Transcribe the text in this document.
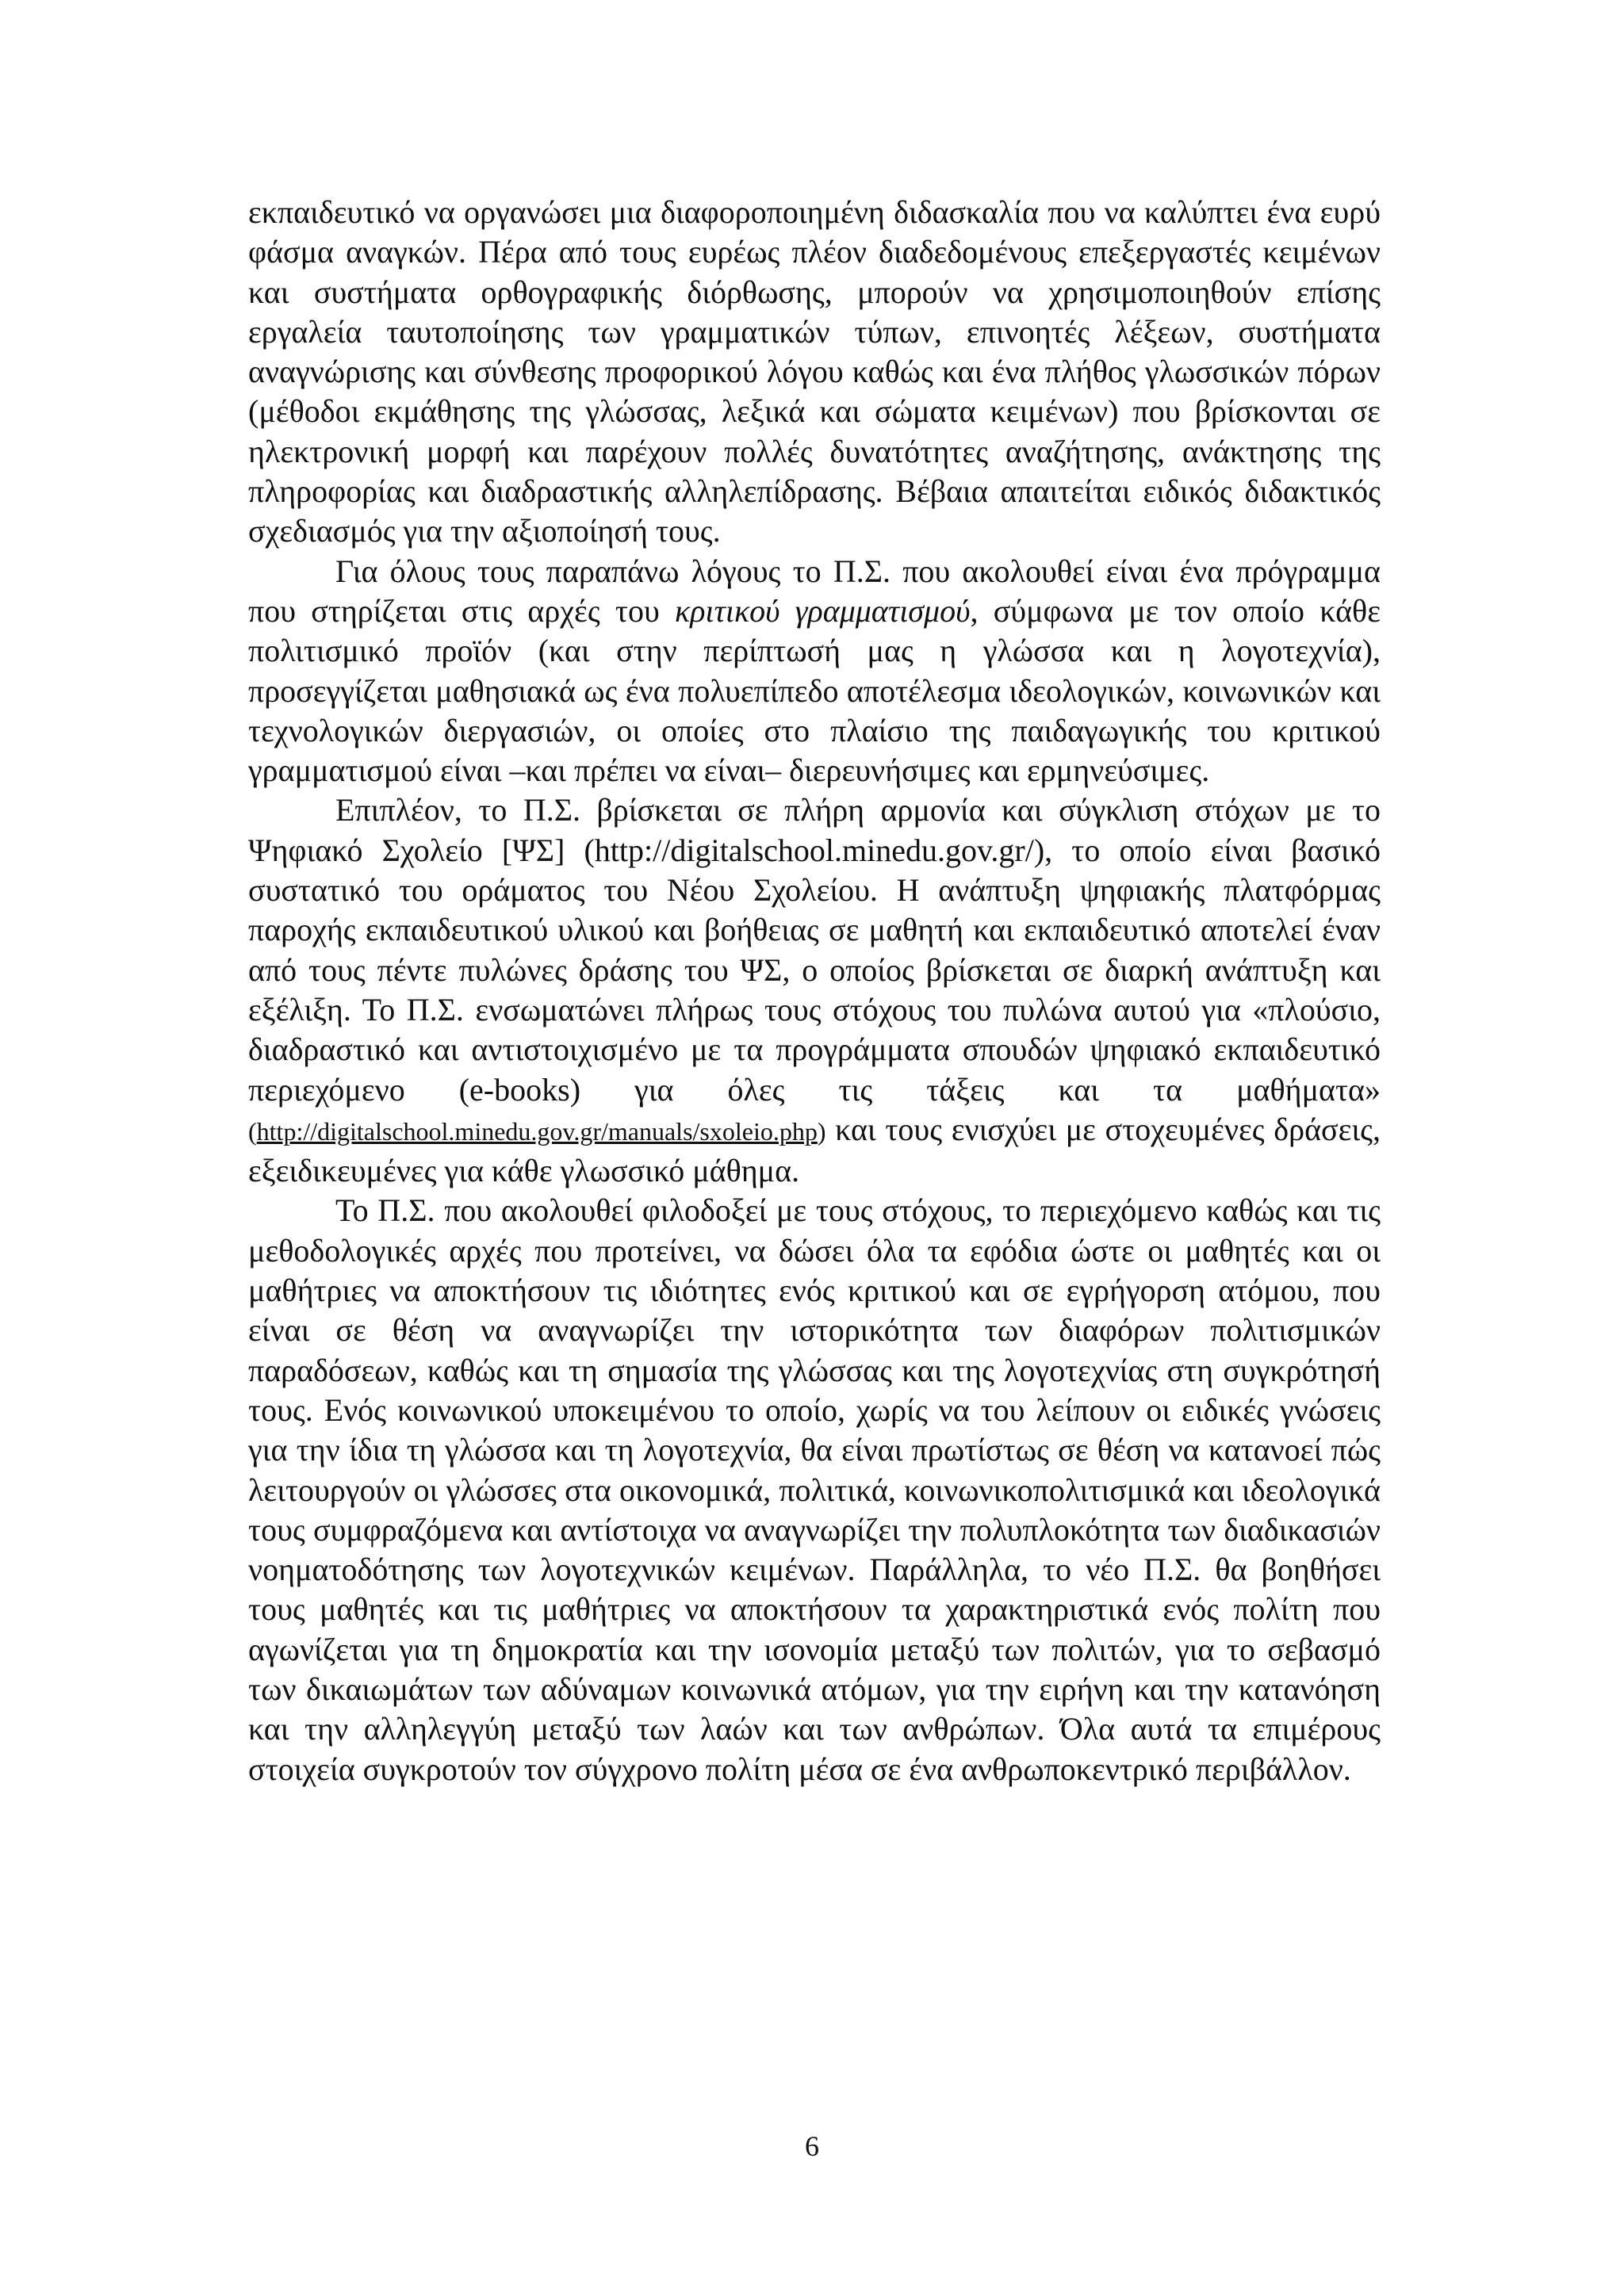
εκπαιδευτικό να οργανώσει μια διαφοροποιημένη διδασκαλία που να καλύπτει ένα ευρύ φάσμα αναγκών. Πέρα από τους ευρέως πλέον διαδεδομένους επεξεργαστές κειμένων και συστήματα ορθογραφικής διόρθωσης, μπορούν να χρησιμοποιηθούν επίσης εργαλεία ταυτοποίησης των γραμματικών τύπων, επινοητές λέξεων, συστήματα αναγνώρισης και σύνθεσης προφορικού λόγου καθώς και ένα πλήθος γλωσσικών πόρων (μέθοδοι εκμάθησης της γλώσσας, λεξικά και σώματα κειμένων) που βρίσκονται σε ηλεκτρονική μορφή και παρέχουν πολλές δυνατότητες αναζήτησης, ανάκτησης της πληροφορίας και διαδραστικής αλληλεπίδρασης. Βέβαια απαιτείται ειδικός διδακτικός σχεδιασμός για την αξιοποίησή τους.

Για όλους τους παραπάνω λόγους το Π.Σ. που ακολουθεί είναι ένα πρόγραμμα που στηρίζεται στις αρχές του κριτικού γραμματισμού, σύμφωνα με τον οποίο κάθε πολιτισμικό προϊόν (και στην περίπτωσή μας η γλώσσα και η λογοτεχνία), προσεγγίζεται μαθησιακά ως ένα πολυεπίπεδο αποτέλεσμα ιδεολογικών, κοινωνικών και τεχνολογικών διεργασιών, οι οποίες στο πλαίσιο της παιδαγωγικής του κριτικού γραμματισμού είναι –και πρέπει να είναι– διερευνήσιμες και ερμηνεύσιμες.

Επιπλέον, το Π.Σ. βρίσκεται σε πλήρη αρμονία και σύγκλιση στόχων με το Ψηφιακό Σχολείο [ΨΣ] (http://digitalschool.minedu.gov.gr/), το οποίο είναι βασικό συστατικό του οράματος του Νέου Σχολείου. Η ανάπτυξη ψηφιακής πλατφόρμας παροχής εκπαιδευτικού υλικού και βοήθειας σε μαθητή και εκπαιδευτικό αποτελεί έναν από τους πέντε πυλώνες δράσης του ΨΣ, ο οποίος βρίσκεται σε διαρκή ανάπτυξη και εξέλιξη. Το Π.Σ. ενσωματώνει πλήρως τους στόχους του πυλώνα αυτού για «πλούσιο, διαδραστικό και αντιστοιχισμένο με τα προγράμματα σπουδών ψηφιακό εκπαιδευτικό περιεχόμενο (e-books) για όλες τις τάξεις και τα μαθήματα» (http://digitalschool.minedu.gov.gr/manuals/sxoleio.php) και τους ενισχύει με στοχευμένες δράσεις, εξειδικευμένες για κάθε γλωσσικό μάθημα.

Το Π.Σ. που ακολουθεί φιλοδοξεί με τους στόχους, το περιεχόμενο καθώς και τις μεθοδολογικές αρχές που προτείνει, να δώσει όλα τα εφόδια ώστε οι μαθητές και οι μαθήτριες να αποκτήσουν τις ιδιότητες ενός κριτικού και σε εγρήγορση ατόμου, που είναι σε θέση να αναγνωρίζει την ιστορικότητα των διαφόρων πολιτισμικών παραδόσεων, καθώς και τη σημασία της γλώσσας και της λογοτεχνίας στη συγκρότησή τους. Ενός κοινωνικού υποκειμένου το οποίο, χωρίς να του λείπουν οι ειδικές γνώσεις για την ίδια τη γλώσσα και τη λογοτεχνία, θα είναι πρωτίστως σε θέση να κατανοεί πώς λειτουργούν οι γλώσσες στα οικονομικά, πολιτικά, κοινωνικοπολιτισμικά και ιδεολογικά τους συμφραζόμενα και αντίστοιχα να αναγνωρίζει την πολυπλοκότητα των διαδικασιών νοηματοδότησης των λογοτεχνικών κειμένων. Παράλληλα, το νέο Π.Σ. θα βοηθήσει τους μαθητές και τις μαθήτριες να αποκτήσουν τα χαρακτηριστικά ενός πολίτη που αγωνίζεται για τη δημοκρατία και την ισονομία μεταξύ των πολιτών, για το σεβασμό των δικαιωμάτων των αδύναμων κοινωνικά ατόμων, για την ειρήνη και την κατανόηση και την αλληλεγγύη μεταξύ των λαών και των ανθρώπων. Όλα αυτά τα επιμέρους στοιχεία συγκροτούν τον σύγχρονο πολίτη μέσα σε ένα ανθρωποκεντρικό περιβάλλον.

6
